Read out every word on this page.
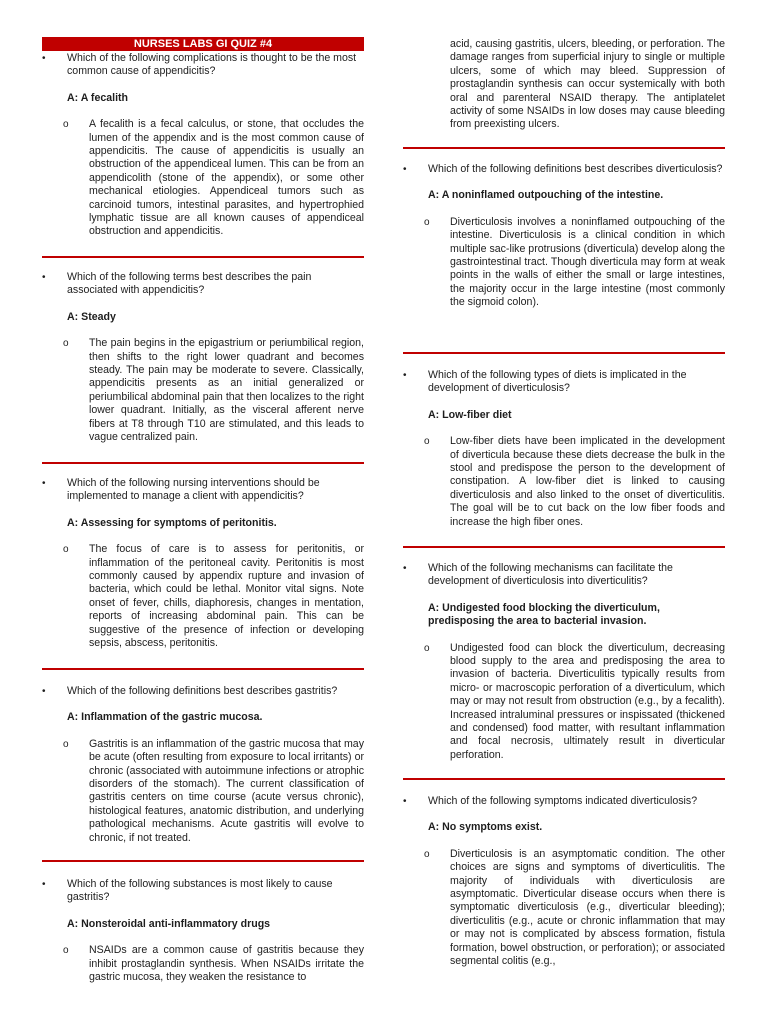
NURSES LABS GI QUIZ #4
•	Which of the following complications is thought to be the most common cause of appendicitis?
A: A fecalith
o	A fecalith is a fecal calculus, or stone, that occludes the lumen of the appendix and is the most common cause of appendicitis. The cause of appendicitis is usually an obstruction of the appendiceal lumen. This can be from an appendicolith (stone of the appendix), or some other mechanical etiologies. Appendiceal tumors such as carcinoid tumors, intestinal parasites, and hypertrophied lymphatic tissue are all known causes of appendiceal obstruction and appendicitis.
•	Which of the following terms best describes the pain associated with appendicitis?
A: Steady
o	The pain begins in the epigastrium or periumbilical region, then shifts to the right lower quadrant and becomes steady. The pain may be moderate to severe. Classically, appendicitis presents as an initial generalized or periumbilical abdominal pain that then localizes to the right lower quadrant. Initially, as the visceral afferent nerve fibers at T8 through T10 are stimulated, and this leads to vague centralized pain.
•	Which of the following nursing interventions should be implemented to manage a client with appendicitis?
A: Assessing for symptoms of peritonitis.
o	The focus of care is to assess for peritonitis, or inflammation of the peritoneal cavity. Peritonitis is most commonly caused by appendix rupture and invasion of bacteria, which could be lethal. Monitor vital signs. Note onset of fever, chills, diaphoresis, changes in mentation, reports of increasing abdominal pain. This can be suggestive of the presence of infection or developing sepsis, abscess, peritonitis.
•	Which of the following definitions best describes gastritis?
A: Inflammation of the gastric mucosa.
o	Gastritis is an inflammation of the gastric mucosa that may be acute (often resulting from exposure to local irritants) or chronic (associated with autoimmune infections or atrophic disorders of the stomach). The current classification of gastritis centers on time course (acute versus chronic), histological features, anatomic distribution, and underlying pathological mechanisms. Acute gastritis will evolve to chronic, if not treated.
•	Which of the following substances is most likely to cause gastritis?
A: Nonsteroidal anti-inflammatory drugs
o	NSAIDs are a common cause of gastritis because they inhibit prostaglandin synthesis. When NSAIDs irritate the gastric mucosa, they weaken the resistance to
acid, causing gastritis, ulcers, bleeding, or perforation. The damage ranges from superficial injury to single or multiple ulcers, some of which may bleed. Suppression of prostaglandin synthesis can occur systemically with both oral and parenteral NSAID therapy. The antiplatelet activity of some NSAIDs in low doses may cause bleeding from preexisting ulcers.
•	Which of the following definitions best describes diverticulosis?
A: A noninflamed outpouching of the intestine.
o	Diverticulosis involves a noninflamed outpouching of the intestine. Diverticulosis is a clinical condition in which multiple sac-like protrusions (diverticula) develop along the gastrointestinal tract. Though diverticula may form at weak points in the walls of either the small or large intestines, the majority occur in the large intestine (most commonly the sigmoid colon).
•	Which of the following types of diets is implicated in the development of diverticulosis?
A: Low-fiber diet
o	Low-fiber diets have been implicated in the development of diverticula because these diets decrease the bulk in the stool and predispose the person to the development of constipation. A low-fiber diet is linked to causing diverticulosis and also linked to the onset of diverticulitis. The goal will be to cut back on the low fiber foods and increase the high fiber ones.
•	Which of the following mechanisms can facilitate the development of diverticulosis into diverticulitis?
A: Undigested food blocking the diverticulum, predisposing the area to bacterial invasion.
o	Undigested food can block the diverticulum, decreasing blood supply to the area and predisposing the area to invasion of bacteria. Diverticulitis typically results from micro- or macroscopic perforation of a diverticulum, which may or may not result from obstruction (e.g., by a fecalith). Increased intraluminal pressures or inspissated (thickened and condensed) food matter, with resultant inflammation and focal necrosis, ultimately result in diverticular perforation.
•	Which of the following symptoms indicated diverticulosis?
A: No symptoms exist.
o	Diverticulosis is an asymptomatic condition. The other choices are signs and symptoms of diverticulitis. The majority of individuals with diverticulosis are asymptomatic. Diverticular disease occurs when there is symptomatic diverticulosis (e.g., diverticular bleeding); diverticulitis (e.g., acute or chronic inflammation that may or may not is complicated by abscess formation, fistula formation, bowel obstruction, or perforation); or associated segmental colitis (e.g.,
